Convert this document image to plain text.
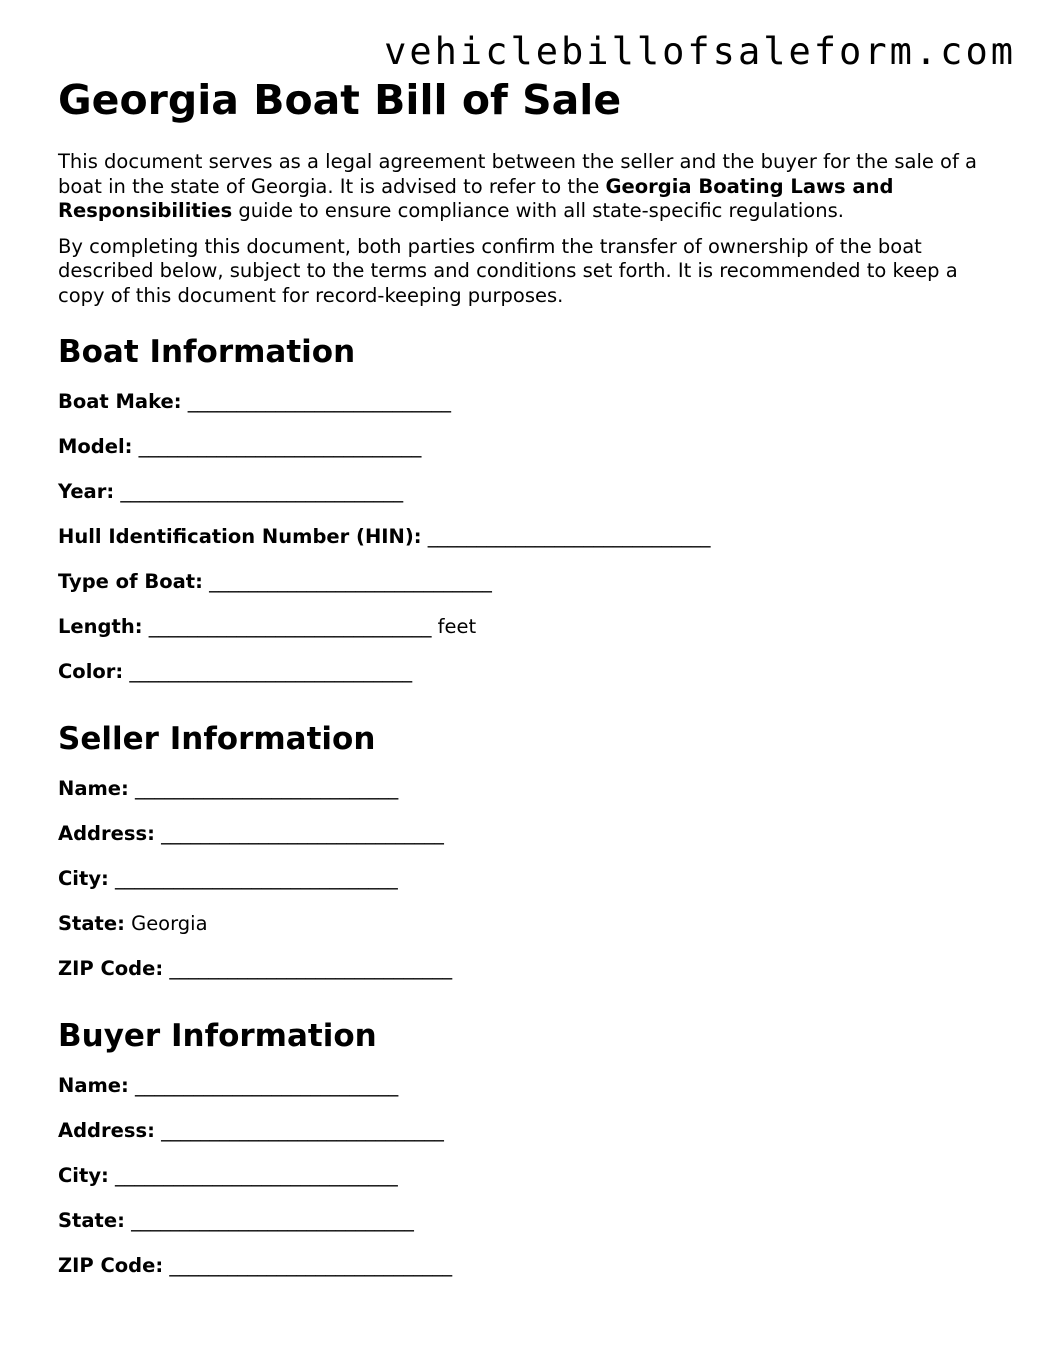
vehiclebillofsaleform.com
Georgia Boat Bill of Sale

This document serves as a legal agreement between the seller and the buyer for the sale of a boat in the state of Georgia. It is advised to refer to the Georgia Boating Laws and Responsibilities guide to ensure compliance with all state-specific regulations.

By completing this document, both parties confirm the transfer of ownership of the boat described below, subject to the terms and conditions set forth. It is recommended to keep a copy of this document for record-keeping purposes.

Boat Information
Boat Make: ___________________________
Model: _____________________________
Year: _____________________________
Hull Identification Number (HIN): _____________________________
Type of Boat: _____________________________
Length: _____________________________ feet
Color: _____________________________
Seller Information
Name: ___________________________
Address: _____________________________
City: _____________________________
State: Georgia
ZIP Code: _____________________________
Buyer Information
Name: ___________________________
Address: _____________________________
City: _____________________________
State: _____________________________
ZIP Code: _____________________________
